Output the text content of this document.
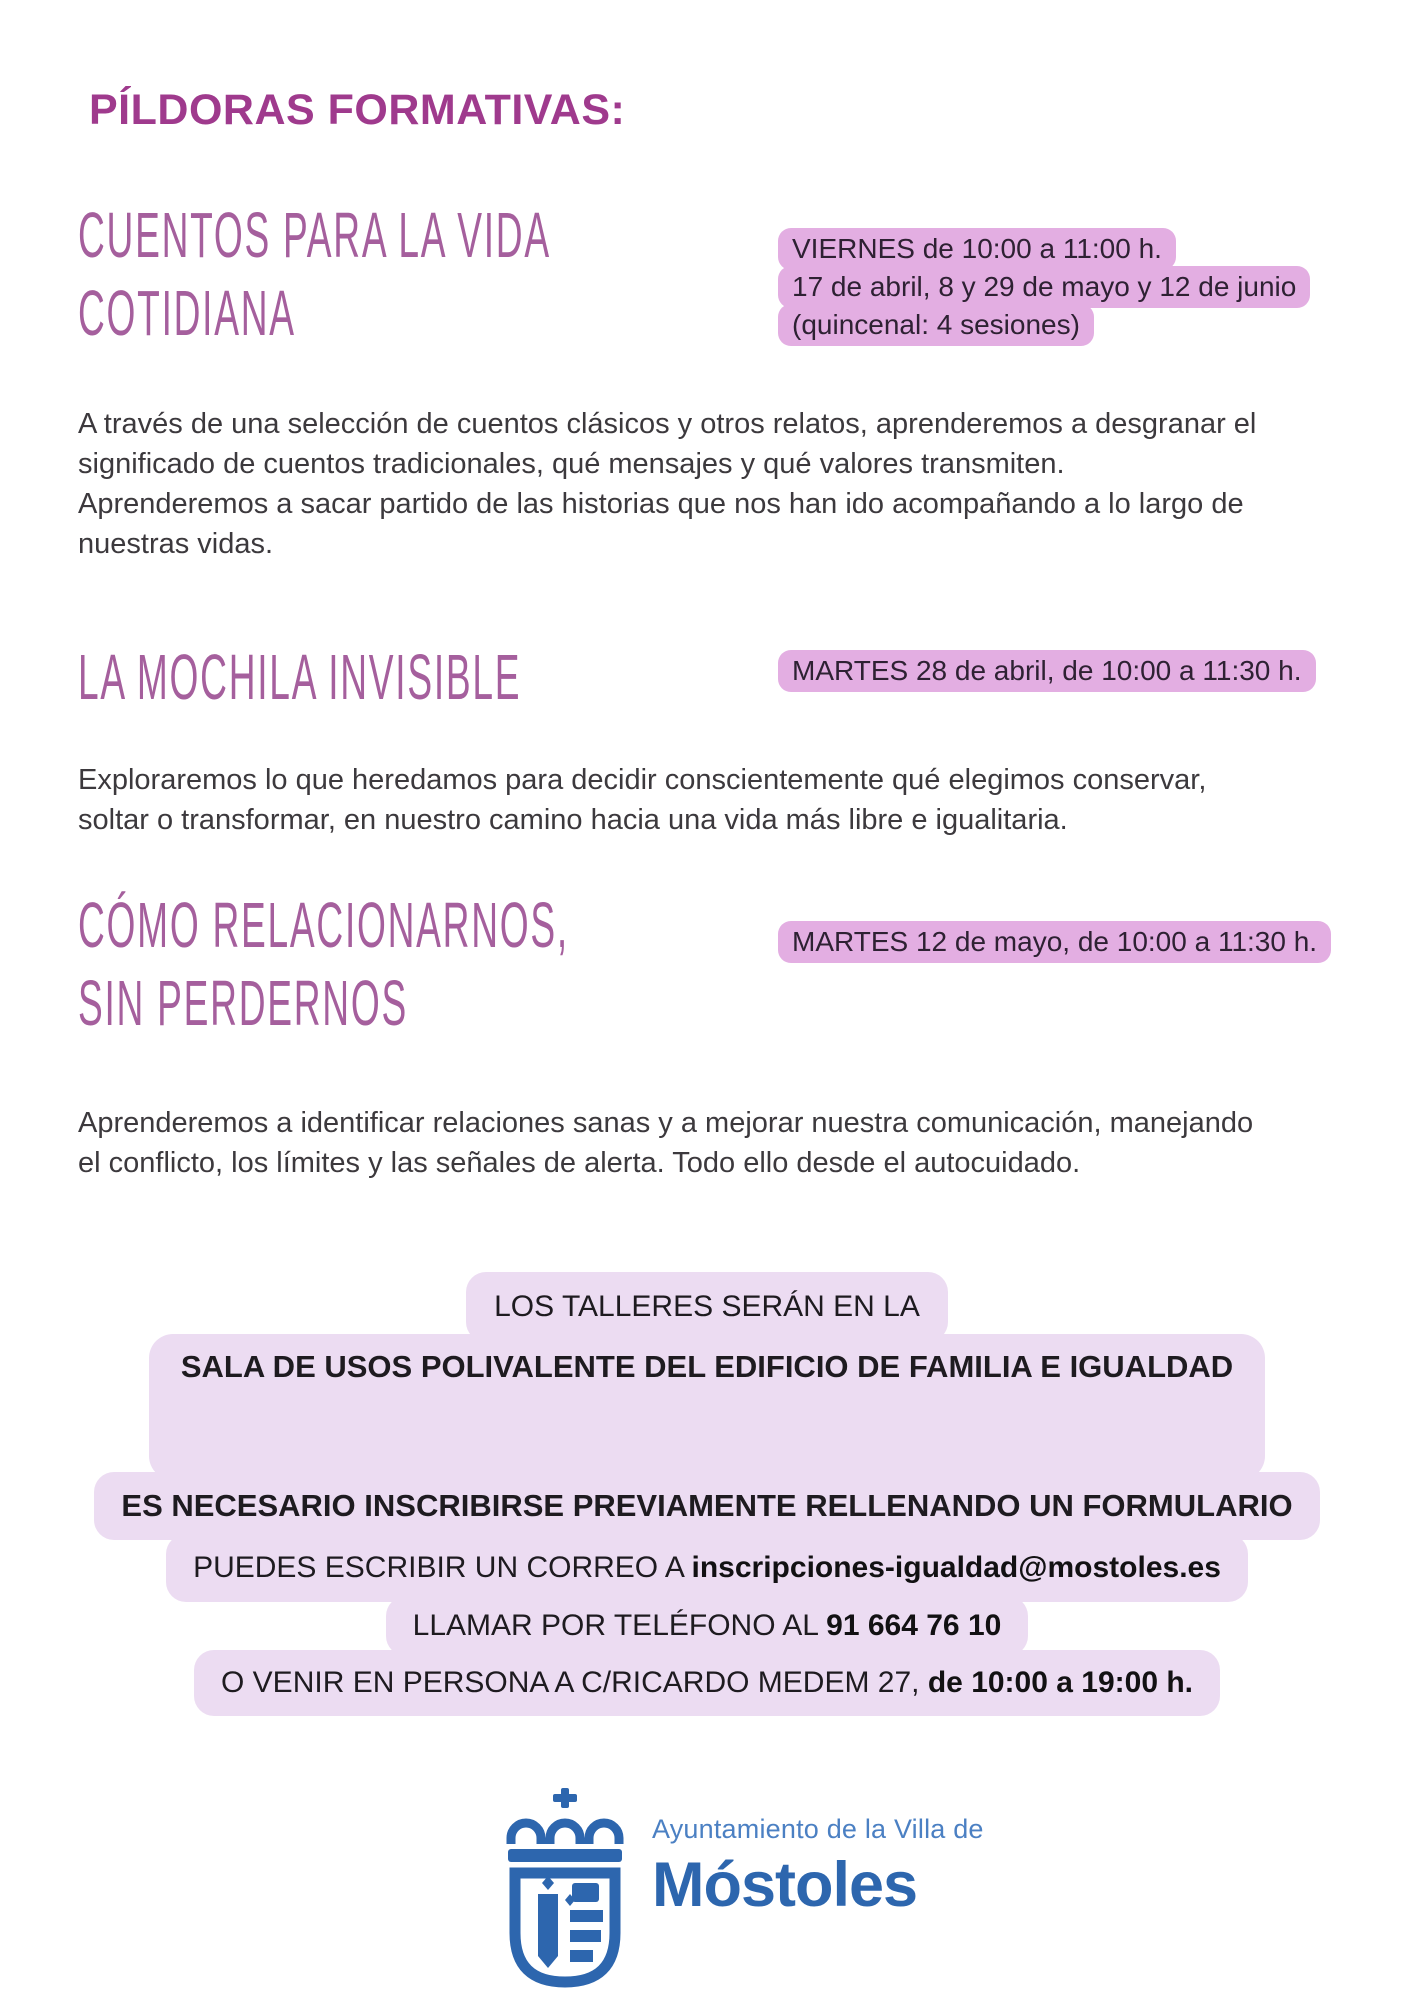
PÍLDORAS FORMATIVAS:
CUENTOS PARA LA VIDA
COTIDIANA
VIERNES de 10:00 a 11:00 h.
17 de abril, 8 y 29 de mayo y 12 de junio
(quincenal: 4 sesiones)
A través de una selección de cuentos clásicos y otros relatos, aprenderemos a desgranar el
significado de cuentos tradicionales, qué mensajes y qué valores transmiten.
Aprenderemos a sacar partido de las historias que nos han ido acompañando a lo largo de
nuestras vidas.
LA MOCHILA INVISIBLE	MARTES 28 de abril, de 10:00 a 11:30 h.
Exploraremos lo que heredamos para decidir conscientemente qué elegimos conservar,
soltar o transformar, en nuestro camino hacia una vida más libre e igualitaria.
CÓMO RELACIONARNOS,
SIN PERDERNOS
MARTES 12 de mayo, de 10:00 a 11:30 h.
Aprenderemos a identificar relaciones sanas y a mejorar nuestra comunicación, manejando
el conflicto, los límites y las señales de alerta. Todo ello desde el autocuidado.
LOS TALLERES SERÁN EN LA
SALA DE USOS POLIVALENTE DEL EDIFICIO DE FAMILIA E IGUALDAD
ES NECESARIO INSCRIBIRSE PREVIAMENTE RELLENANDO UN FORMULARIO
PUEDES ESCRIBIR UN CORREO A inscripciones-igualdad@mostoles.es
LLAMAR POR TELÉFONO AL 91 664 76 10
O VENIR EN PERSONA A C/RICARDO MEDEM 27, de 10:00 a 19:00 h.
Ayuntamiento de la Villa de
Móstoles
